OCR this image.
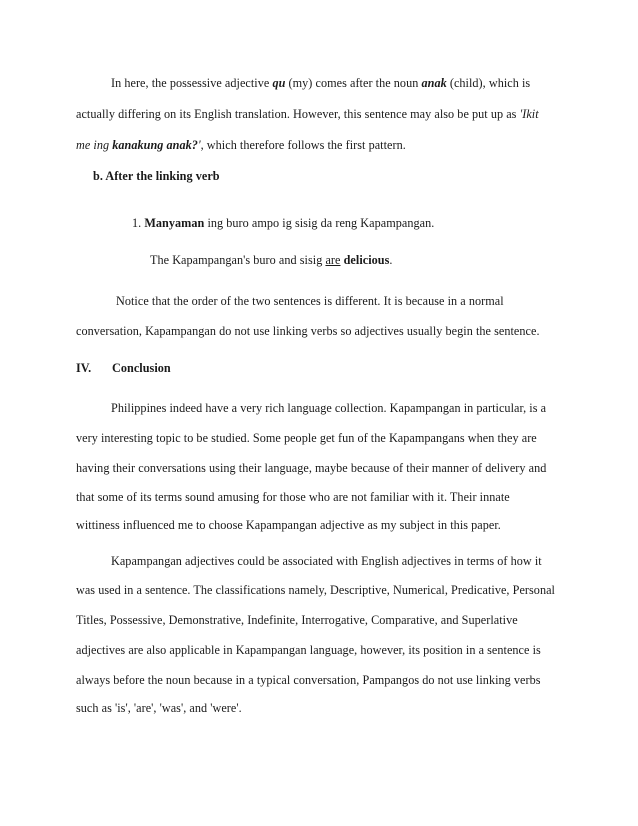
In here, the possessive adjective qu (my) comes after the noun anak (child), which is
actually differing on its English translation. However, this sentence may also be put up as 'Ikit
me ing kanakung anak?', which therefore follows the first pattern.
b. After the linking verb
1. Manyaman ing buro ampo ig sisig da reng Kapampangan.
The Kapampangan's buro and sisig are delicious.
Notice that the order of the two sentences is different. It is because in a normal
conversation, Kapampangan do not use linking verbs so adjectives usually begin the sentence.
IV. Conclusion
Philippines indeed have a very rich language collection. Kapampangan in particular, is a
very interesting topic to be studied. Some people get fun of the Kapampangans when they are
having their conversations using their language, maybe because of their manner of delivery and
that some of its terms sound amusing for those who are not familiar with it. Their innate
wittiness influenced me to choose Kapampangan adjective as my subject in this paper.
Kapampangan adjectives could be associated with English adjectives in terms of how it
was used in a sentence. The classifications namely, Descriptive, Numerical, Predicative, Personal
Titles, Possessive, Demonstrative, Indefinite, Interrogative, Comparative, and Superlative
adjectives are also applicable in Kapampangan language, however, its position in a sentence is
always before the noun because in a typical conversation, Pampangos do not use linking verbs
such as 'is', 'are', 'was', and 'were'.
